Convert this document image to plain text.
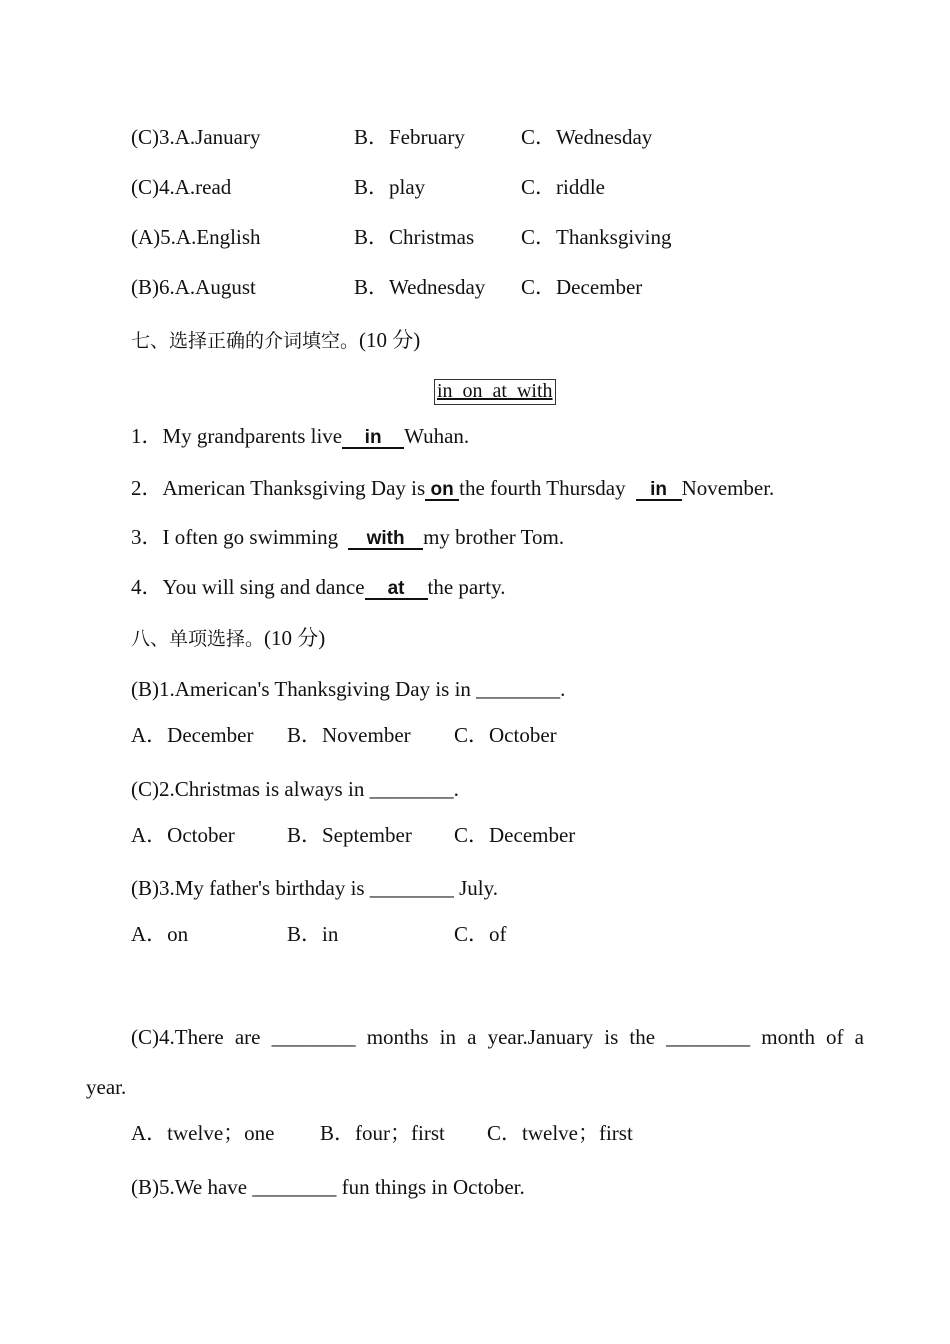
(C)3.A.January	B．February	C．Wednesday
(C)4.A.read	B．play	C．riddle
(A)5.A.English	B．Christmas C．Thanksgiving
(B)6.A.August	B．Wednesday C．December
七、选择正确的介词填空。(10 分)
in  on  at  with
1．My grandparents live in Wuhan.
2．American Thanksgiving Day is on the fourth Thursday in November.
3．I often go swimming with my brother Tom.
4．You will sing and dance at the party.
八、单项选择。(10 分)
(B)1.American's Thanksgiving Day is in ________.
A．December B．November C．October
(C)2.Christmas is always in ________.
A．October B．September C．December
(B)3.My father's birthday is ________ July.
A．on	B．in	C．of
(C)4.There are ________ months in a year.January is the ________ month of a
year.
A．twelve；one B．four；first C．twelve；first
(B)5.We have ________ fun things in October.
